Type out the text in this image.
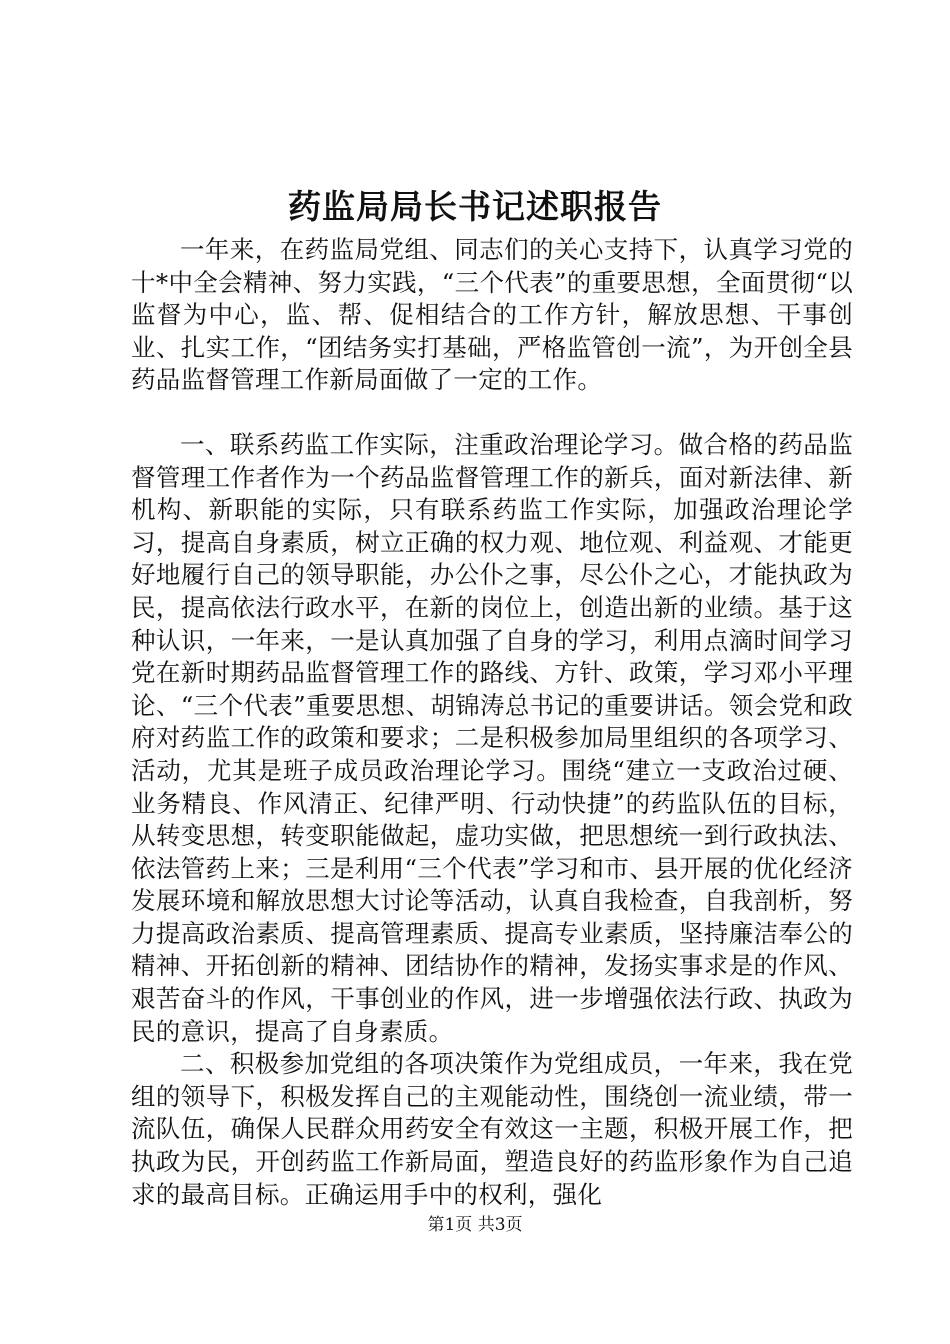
药监局局长书记述职报告

一年来，在药监局党组、同志们的关心支持下，认真学习党的十*中全会精神、努力实践，“三个代表”的重要思想，全面贯彻“以监督为中心，监、帮、促相结合的工作方针，解放思想、干事创业、扎实工作，“团结务实打基础，严格监管创一流”，为开创全县药品监督管理工作新局面做了一定的工作。

一、联系药监工作实际，注重政治理论学习。做合格的药品监督管理工作者作为一个药品监督管理工作的新兵，面对新法律、新机构、新职能的实际，只有联系药监工作实际，加强政治理论学习，提高自身素质，树立正确的权力观、地位观、利益观、才能更好地履行自己的领导职能，办公仆之事，尽公仆之心，才能执政为民，提高依法行政水平，在新的岗位上，创造出新的业绩。基于这种认识，一年来，一是认真加强了自身的学习，利用点滴时间学习党在新时期药品监督管理工作的路线、方针、政策，学习邓小平理论、“三个代表”重要思想、胡锦涛总书记的重要讲话。领会党和政府对药监工作的政策和要求；二是积极参加局里组织的各项学习、活动，尤其是班子成员政治理论学习。围绕“建立一支政治过硬、业务精良、作风清正、纪律严明、行动快捷”的药监队伍的目标，从转变思想，转变职能做起，虚功实做，把思想统一到行政执法、依法管药上来；三是利用“三个代表”学习和市、县开展的优化经济发展环境和解放思想大讨论等活动，认真自我检查，自我剖析，努力提高政治素质、提高管理素质、提高专业素质，坚持廉洁奉公的精神、开拓创新的精神、团结协作的精神，发扬实事求是的作风、艰苦奋斗的作风，干事创业的作风，进一步增强依法行政、执政为民的意识，提高了自身素质。

二、积极参加党组的各项决策作为党组成员，一年来，我在党组的领导下，积极发挥自己的主观能动性，围绕创一流业绩，带一流队伍，确保人民群众用药安全有效这一主题，积极开展工作，把执政为民，开创药监工作新局面，塑造良好的药监形象作为自己追求的最高目标。正确运用手中的权利，强化

第1页 共3页
